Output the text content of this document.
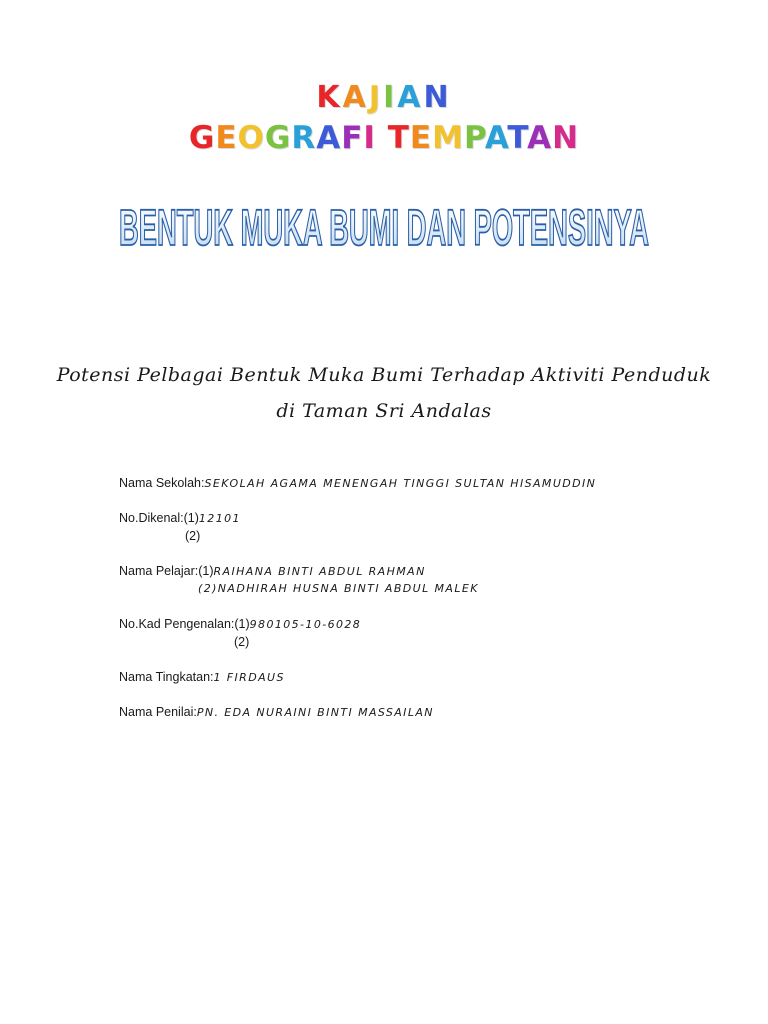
KAJIAN
GEOGRAFI TEMPATAN
BENTUK MUKA BUMI DAN POTENSINYA
Potensi Pelbagai Bentuk Muka Bumi Terhadap Aktiviti Penduduk
di Taman Sri Andalas
Nama Sekolah:SEKOLAH AGAMA MENENGAH TINGGI SULTAN HISAMUDDIN
No.Dikenal:(1)12101
(2)
Nama Pelajar:(1)RAIHANA BINTI ABDUL RAHMAN
(2)NADHIRAH HUSNA BINTI ABDUL MALEK
No.Kad Pengenalan:(1)980105-10-6028
(2)
Nama Tingkatan:1 FIRDAUS
Nama Penilai:PN. EDA NURAINI BINTI MASSAILAN
